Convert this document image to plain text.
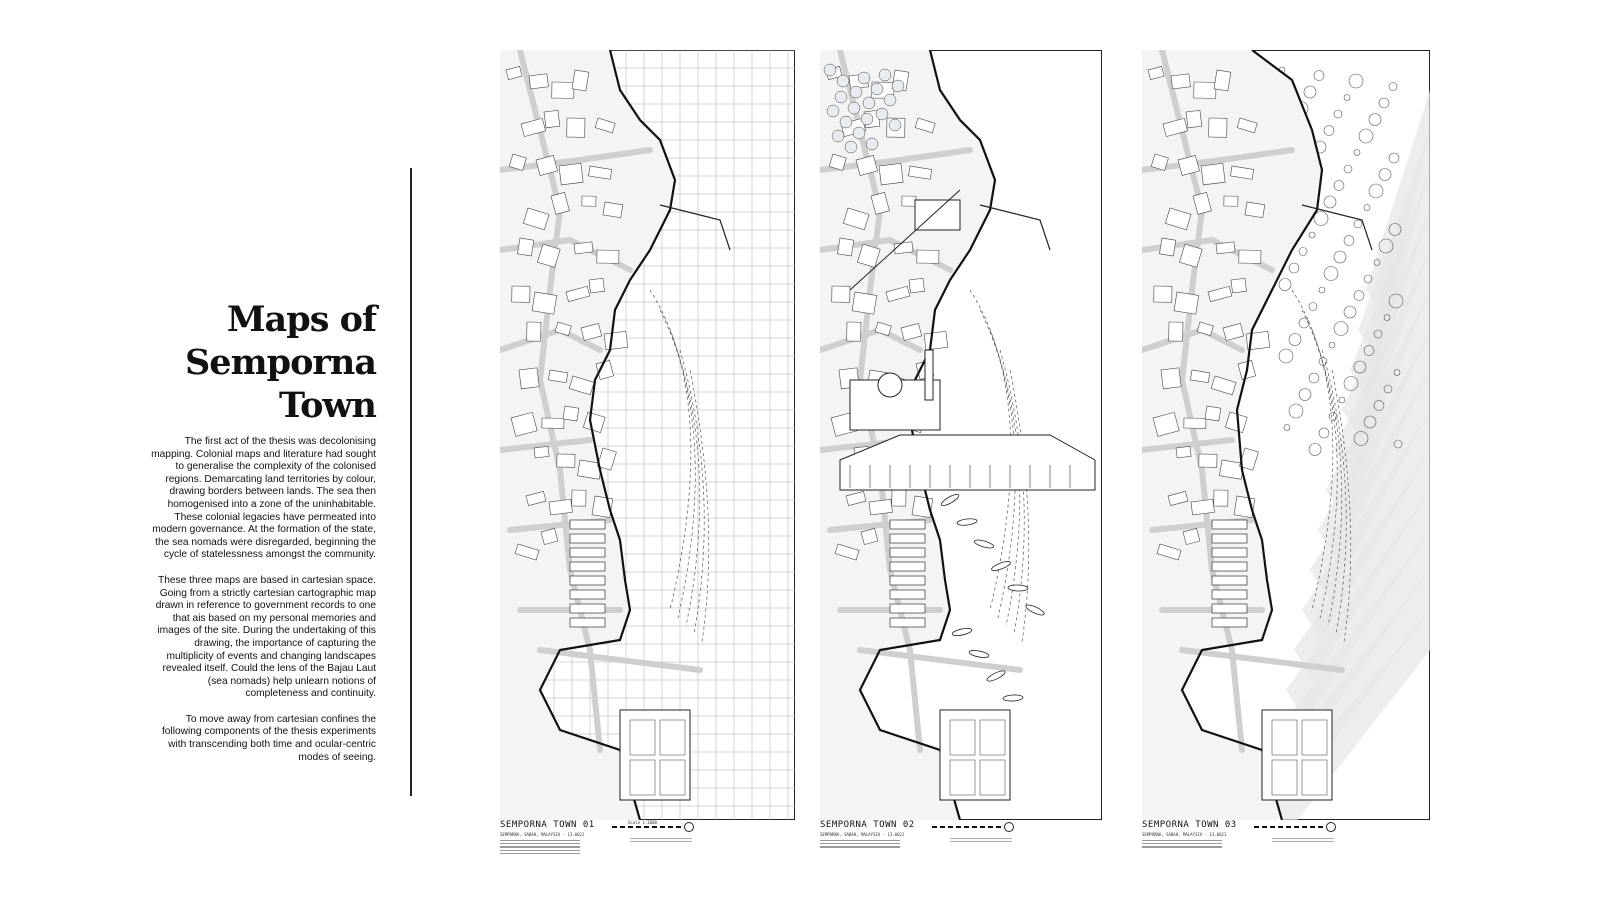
Maps of
Semporna
Town

The first act of the thesis was decolonising mapping. Colonial maps and literature had sought to generalise the complexity of the colonised regions. Demarcating land territories by colour, drawing borders between lands. The sea then homogenised into a zone of the uninhabitable. These colonial legacies have permeated into modern governance. At the formation of the state, the sea nomads were disregarded, beginning the cycle of statelessness amongst the community.

These three maps are based in cartesian space. Going from a strictly cartesian cartographic map drawn in reference to government records to one that ais based on my personal memories and images of the site. During the undertaking of this drawing, the importance of capturing the multiplicity of events and changing landscapes revealed itself. Could the lens of the Bajau Laut (sea nomads) help unlearn notions of completeness and continuity.

To move away from cartesian confines the following components of the thesis experiments with transcending both time and ocular-centric modes of seeing.

SEMPORNA TOWN 01
SEMPORNA, SABAH, MALAYSIA - 13.0021
Scale 1:1000	SEMPORNA TOWN 02
SEMPORNA, SABAH, MALAYSIA - 13.0021
SEMPORNA TOWN 03
SEMPORNA, SABAH, MALAYSIA - 13.0021
